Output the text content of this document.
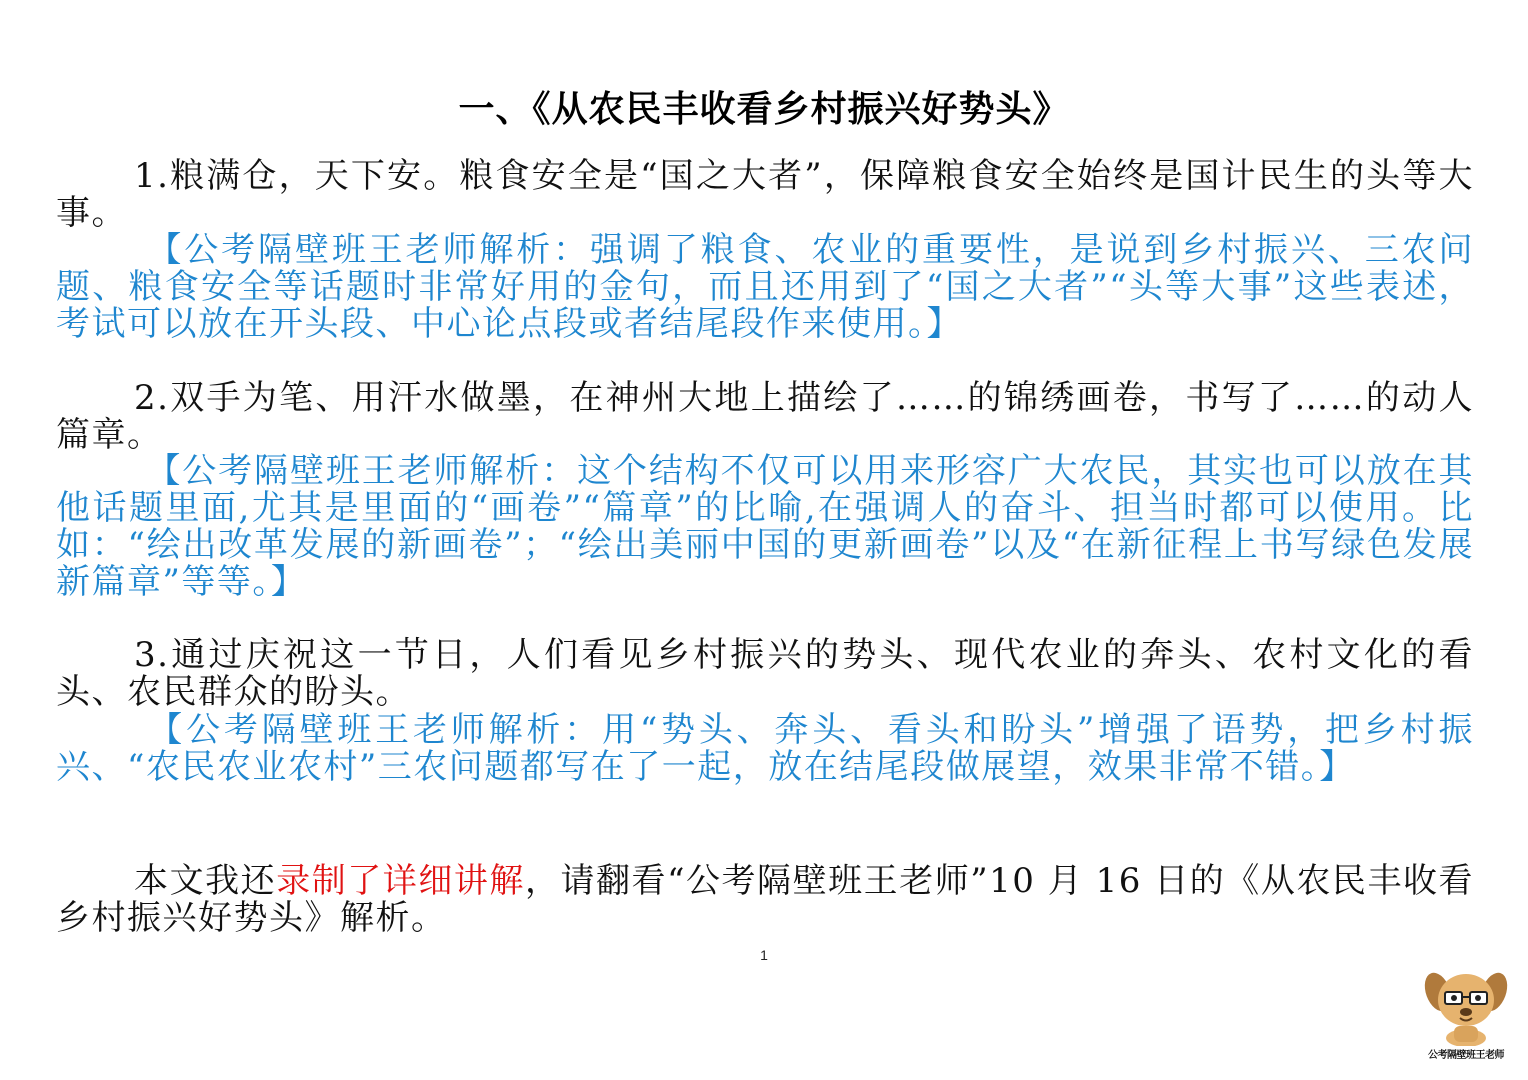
一、《从农民丰收看乡村振兴好势头》
1.粮满仓，天下安。粮食安全是“国之大者”，保障粮食安全始终是国计民生的头等大事。
【公考隔壁班王老师解析：强调了粮食、农业的重要性，是说到乡村振兴、三农问题、粮食安全等话题时非常好用的金句，而且还用到了“国之大者”“头等大事”这些表述，考试可以放在开头段、中心论点段或者结尾段作来使用。】
2.双手为笔、用汗水做墨，在神州大地上描绘了……的锦绣画卷，书写了……的动人篇章。
【公考隔壁班王老师解析：这个结构不仅可以用来形容广大农民，其实也可以放在其他话题里面,尤其是里面的“画卷”“篇章”的比喻,在强调人的奋斗、担当时都可以使用。比如：“绘出改革发展的新画卷”；“绘出美丽中国的更新画卷”以及“在新征程上书写绿色发展新篇章”等等。】
3.通过庆祝这一节日，人们看见乡村振兴的势头、现代农业的奔头、农村文化的看头、农民群众的盼头。
【公考隔壁班王老师解析：用“势头、奔头、看头和盼头”增强了语势，把乡村振兴、“农民农业农村”三农问题都写在了一起，放在结尾段做展望，效果非常不错。】
本文我还录制了详细讲解，请翻看“公考隔壁班王老师”10 月 16 日的《从农民丰收看乡村振兴好势头》解析。
1
公考隔壁班王老师
